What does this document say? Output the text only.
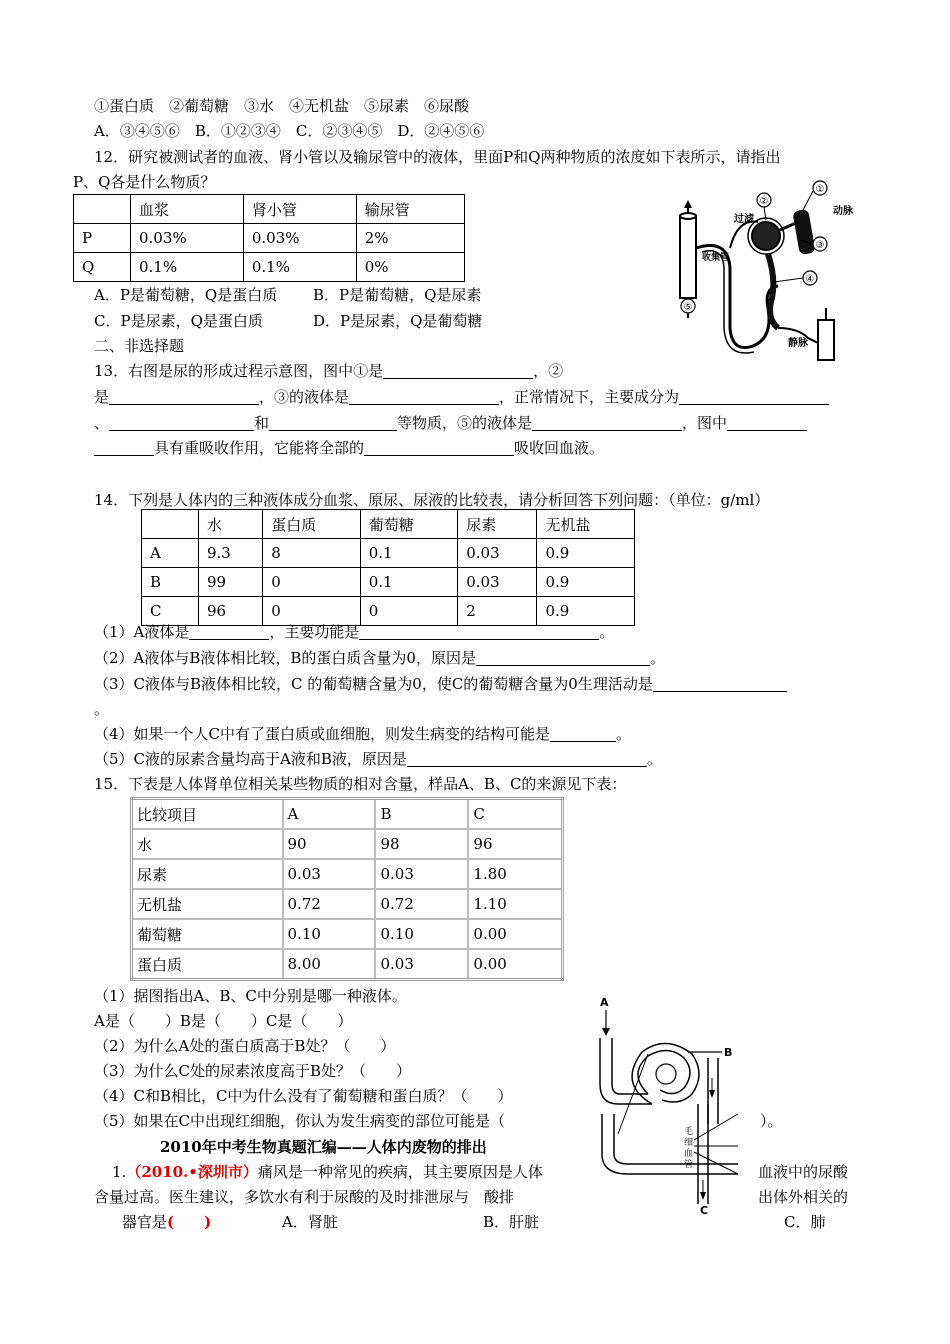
①蛋白质　②葡萄糖　③水　④无机盐　⑤尿素　⑥尿酸
A．③④⑤⑥　B．①②③④　C．②③④⑤　D．②④⑤⑥
12．研究被测试者的血液、肾小管以及输尿管中的液体，里面P和Q两种物质的浓度如下表所示，请指出
P、Q各是什么物质？
	血浆	肾小管	输尿管
P	0.03%	0.03%	2%
Q	0.1%	0.1%	0%
A．P是葡萄糖，Q是蛋白质 B．P是葡萄糖，Q是尿素
C．P是尿素，Q是蛋白质	D．P是尿素，Q是葡萄糖
二、非选择题
①
②
③
④
⑤
过滤
动脉
收集管
静脉
13．右图是尿的形成过程示意图，图中①是	，②
是	，③的液体是	，正常情况下，主要成分为
、	和	等物质，⑤的液体是	，图中
具有重吸收作用，它能将全部的	吸收回血液。
14．下列是人体内的三种液体成分血浆、原尿、尿液的比较表，请分析回答下列问题：（单位：g/ml）
	水	蛋白质	葡萄糖	尿素	无机盐
A	9.3	8	0.1	0.03	0.9
B	99	0	0.1	0.03	0.9
C	96	0	0	2	0.9
（1）A液体是	，主要功能是	。
（2）A液体与B液体相比较，B的蛋白质含量为0，原因是	。
（3）C液体与B液体相比较，C 的葡萄糖含量为0，使C的葡萄糖含量为0生理活动是
。
（4）如果一个人C中有了蛋白质或血细胞，则发生病变的结构可能是	。
（5）C液的尿素含量均高于A液和B液，原因是	。
15．下表是人体肾单位相关某些物质的相对含量，样品A、B、C的来源见下表：
比较项目	A	B	C
水	90	98	96
尿素	0.03	0.03	1.80
无机盐	0.72	0.72	1.10
葡萄糖	0.10	0.10	0.00
蛋白质	8.00	0.03	0.00
（1）据图指出A、B、C中分别是哪一种液体。
A是（　　）B是（　　）C是（　　）
（2）为什么A处的蛋白质高于B处？（　　）
（3）为什么C处的尿素浓度高于B处？（　　）
（4）C和B相比，C中为什么没有了葡萄糖和蛋白质？（　　）
（5）如果在C中出现红细胞，你认为发生病变的部位可能是（	）。
A
B
C
毛
细
血
管
2010年中考生物真题汇编——人体内废物的排出
1.（2010.•深圳市）痛风是一种常见的疾病，其主要原因是人体	血液中的尿酸
含量过高。医生建议，多饮水有利于尿酸的及时排泄尿与　酸排	出体外相关的
器官是(　　)	A．肾脏	B．肝脏	C．肺
